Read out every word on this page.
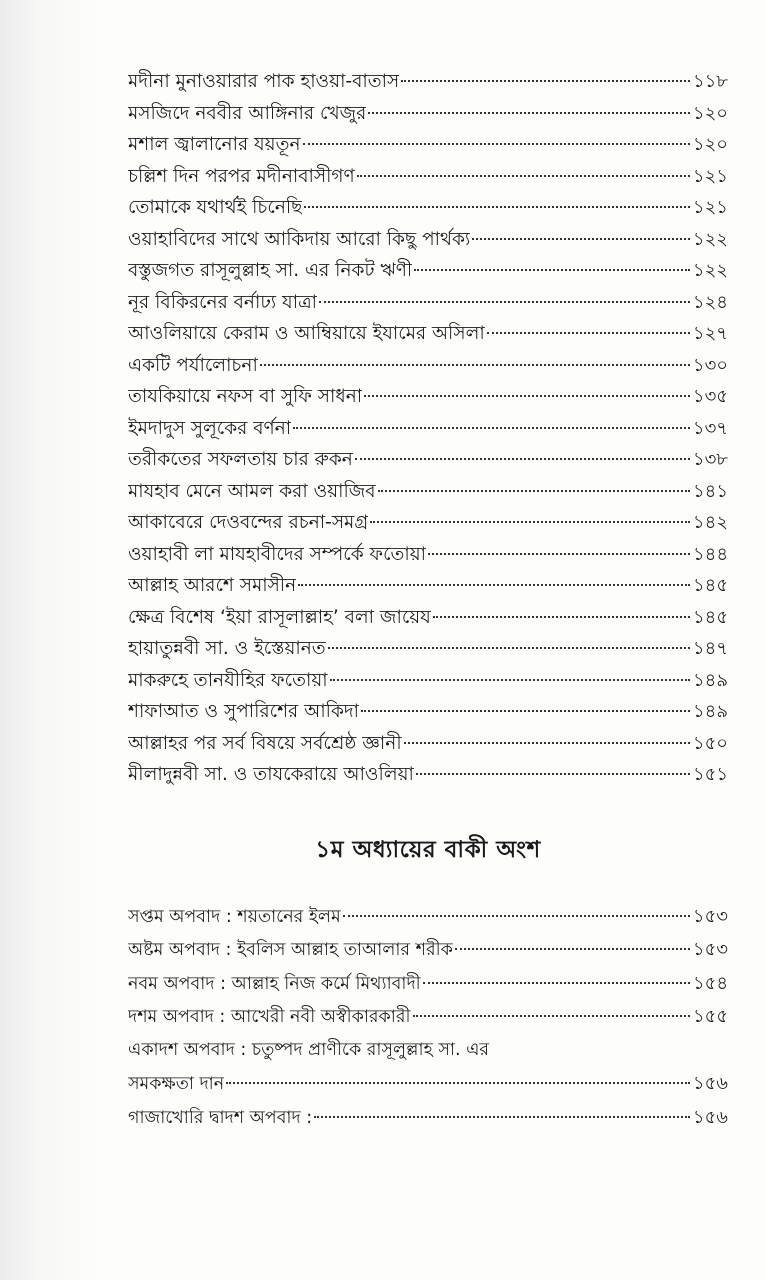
মদীনা মুনাওয়ারার পাক হাওয়া-বাতাস	১১৮
মসজিদে নববীর আঙ্গিনার খেজুর	১২০
মশাল জ্বালানোর যয়তূন	১২০
চল্লিশ দিন পরপর মদীনাবাসীগণ	১২১
তোমাকে যথার্থই চিনেছি	১২১
ওয়াহাবিদের সাথে আকিদায় আরো কিছু পার্থক্য	১২২
বস্তুজগত রাসূলুল্লাহ সা. এর নিকট ঋণী	১২২
নূর বিকিরনের বর্নাঢ্য যাত্রা	১২৪
আওলিয়ায়ে কেরাম ও আম্বিয়ায়ে ইযামের অসিলা	১২৭
একটি পর্যালোচনা	১৩০
তাযকিয়ায়ে নফস বা সুফি সাধনা	১৩৫
ইমদাদুস সুলূকের বর্ণনা	১৩৭
তরীকতের সফলতায় চার রুকন	১৩৮
মাযহাব মেনে আমল করা ওয়াজিব	১৪১
আকাবেরে দেওবন্দের রচনা-সমগ্র	১৪২
ওয়াহাবী লা মাযহাবীদের সম্পর্কে ফতোয়া	১৪৪
আল্লাহ আরশে সমাসীন	১৪৫
ক্ষেত্র বিশেষ ‘ইয়া রাসূলাল্লাহ’ বলা জায়েয	১৪৫
হায়াতুন্নবী সা. ও ইস্তেয়ানত	১৪৭
মাকরুহে তানযীহির ফতোয়া	১৪৯
শাফাআত ও সুপারিশের আকিদা	১৪৯
আল্লাহর পর সর্ব বিষয়ে সর্বশ্রেষ্ঠ জ্ঞানী	১৫০
মীলাদুন্নবী সা. ও তাযকেরায়ে আওলিয়া	১৫১
১ম অধ্যায়ের বাকী অংশ
সপ্তম অপবাদ : শয়তানের ইলম	১৫৩
অষ্টম অপবাদ : ইবলিস আল্লাহ তাআলার শরীক	১৫৩
নবম অপবাদ : আল্লাহ নিজ কর্মে মিথ্যাবাদী	১৫৪
দশম অপবাদ : আখেরী নবী অস্বীকারকারী	১৫৫
একাদশ অপবাদ : চতুষ্পদ প্রাণীকে রাসূলুল্লাহ সা. এর
সমকক্ষতা দান	১৫৬
গাজাখোরি দ্বাদশ অপবাদ :	১৫৬
